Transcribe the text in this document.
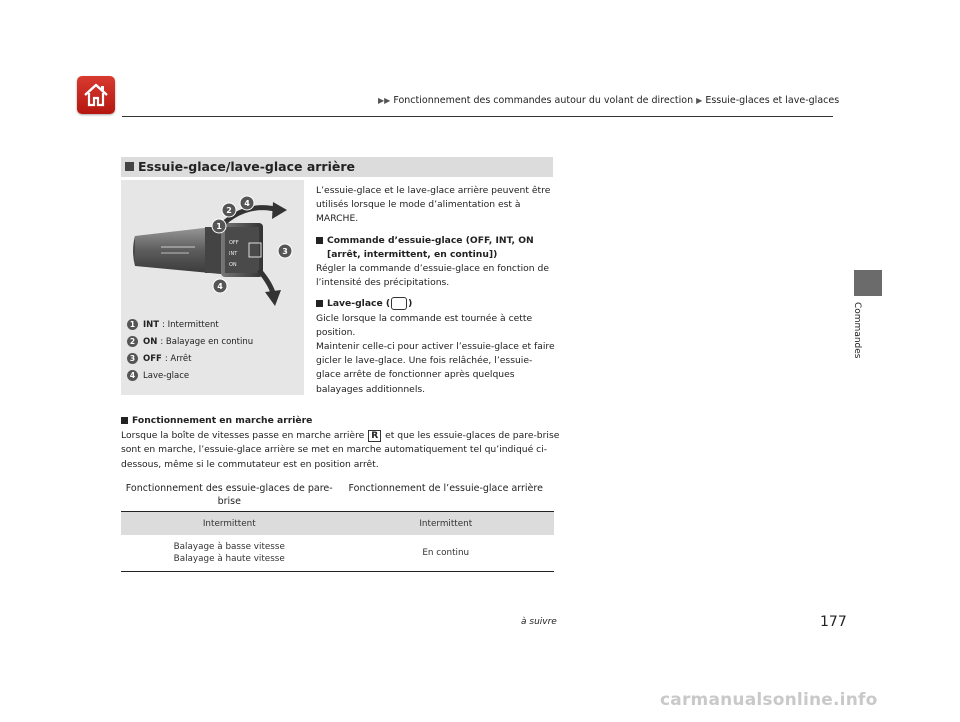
▶▶ Fonctionnement des commandes autour du volant de direction ▶ Essuie-glaces et lave-glaces
Commandes
Essuie-glace/lave-glace arrière
1
2
3
4
4
OFF
INT
ON
1 INT : Intermittent
2 ON : Balayage en continu
3 OFF : Arrêt
4 Lave-glace

L’essuie-glace et le lave-glace arrière peuvent être utilisés lorsque le mode d’alimentation est à MARCHE.

Commande d’essuie-glace (OFF, INT, ON [arrêt, intermittent, en continu])

Régler la commande d’essuie-glace en fonction de l’intensité des précipitations.

Lave-glace ( )

Gicle lorsque la commande est tournée à cette position.

Maintenir celle-ci pour activer l’essuie-glace et faire gicler le lave-glace. Une fois relâchée, l’essuie-glace arrête de fonctionner après quelques balayages additionnels.

Fonctionnement en marche arrière

Lorsque la boîte de vitesses passe en marche arrière R et que les essuie-glaces de pare-brise sont en marche, l’essuie-glace arrière se met en marche automatiquement tel qu’indiqué ci-dessous, même si le commutateur est en position arrêt.

Fonctionnement des essuie-glaces de pare-brise
Fonctionnement de l’essuie-glace arrière
Intermittent	Intermittent
Balayage à basse vitesse
Balayage à haute vitesse
En continu
à suivre	177
carmanualsonline.info
